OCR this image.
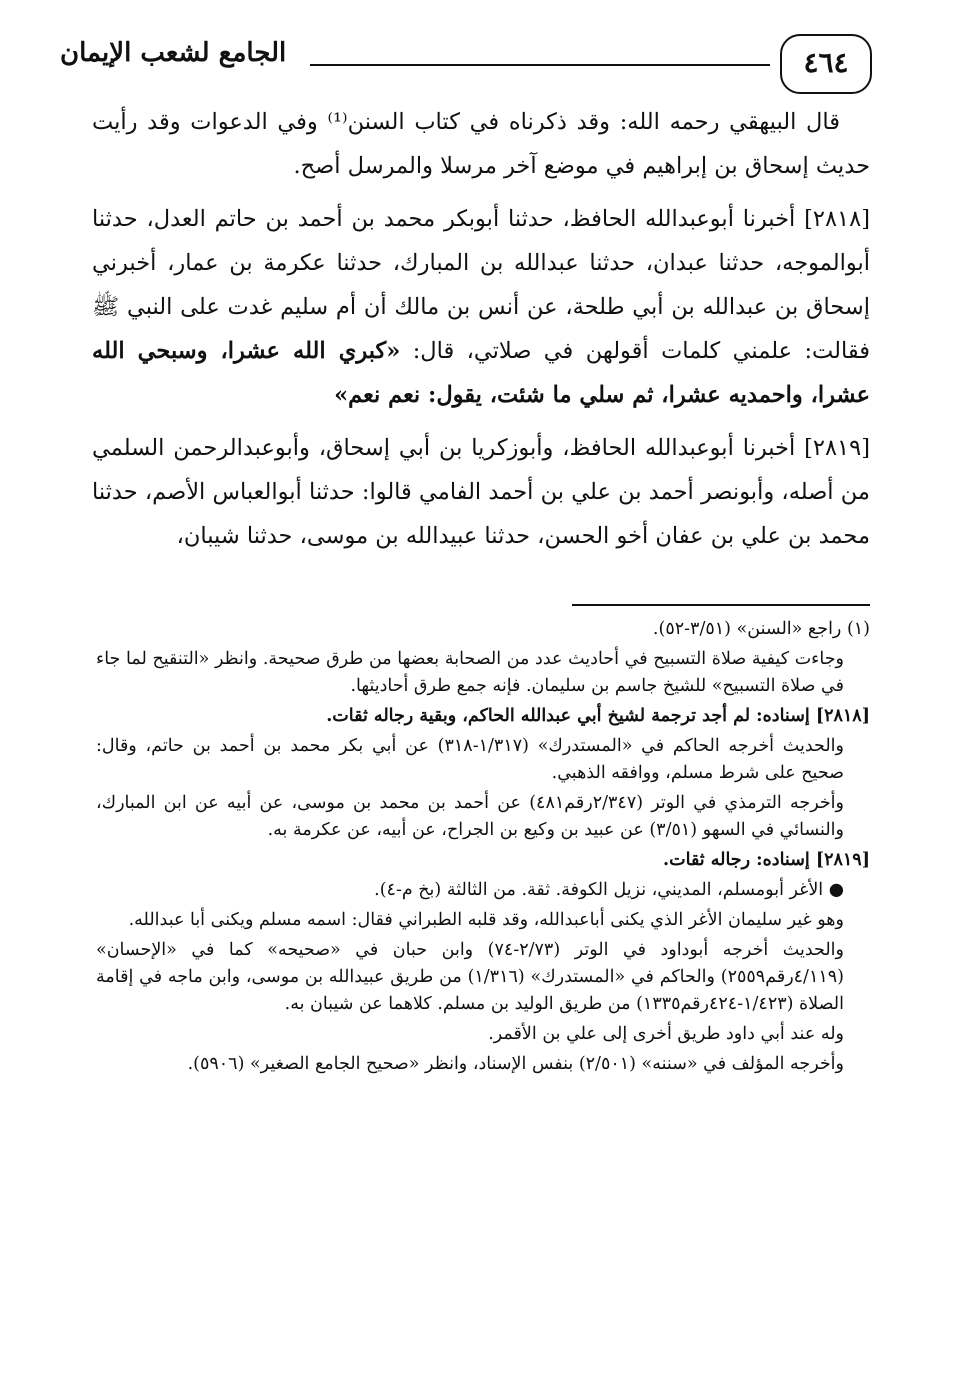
٤٦٤
الجامع لشعب الإيمان

قال البيهقي رحمه الله: وقد ذكرناه في كتاب السنن⁽¹⁾ وفي الدعوات وقد رأيت حديث إسحاق بن إبراهيم في موضع آخر مرسلا والمرسل أصح.

[٢٨١٨] أخبرنا أبوعبدالله الحافظ، حدثنا أبوبكر محمد بن أحمد بن حاتم العدل، حدثنا أبوالموجه، حدثنا عبدان، حدثنا عبدالله بن المبارك، حدثنا عكرمة بن عمار، أخبرني إسحاق بن عبدالله بن أبي طلحة، عن أنس بن مالك أن أم سليم غدت على النبي ﷺ فقالت: علمني كلمات أقولهن في صلاتي، قال: «كبري الله عشرا، وسبحي الله عشرا، واحمديه عشرا، ثم سلي ما شئت، يقول: نعم نعم»

[٢٨١٩] أخبرنا أبوعبدالله الحافظ، وأبوزكريا بن أبي إسحاق، وأبوعبدالرحمن السلمي من أصله، وأبونصر أحمد بن علي بن أحمد الفامي قالوا: حدثنا أبوالعباس الأصم، حدثنا محمد بن علي بن عفان أخو الحسن، حدثنا عبيدالله بن موسى، حدثنا شيبان،

(١) راجع «السنن» (٣/٥١-٥٢).

وجاءت كيفية صلاة التسبيح في أحاديث عدد من الصحابة بعضها من طرق صحيحة. وانظر «التنقيح لما جاء في صلاة التسبيح» للشيخ جاسم بن سليمان. فإنه جمع طرق أحاديثها.

[٢٨١٨] إسناده: لم أجد ترجمة لشيخ أبي عبدالله الحاكم، وبقية رجاله ثقات.

والحديث أخرجه الحاكم في «المستدرك» (١/٣١٧-٣١٨) عن أبي بكر محمد بن أحمد بن حاتم، وقال: صحيح على شرط مسلم، ووافقه الذهبي.

وأخرجه الترمذي في الوتر (٢/٣٤٧رقم٤٨١) عن أحمد بن محمد بن موسى، عن أبيه عن ابن المبارك، والنسائي في السهو (٣/٥١) عن عبيد بن وكيع بن الجراح، عن أبيه، عن عكرمة به.

[٢٨١٩] إسناده: رجاله ثقات.

● الأغر أبومسلم، المديني، نزيل الكوفة. ثقة. من الثالثة (بخ م-٤).

وهو غير سليمان الأغر الذي يكنى أباعبدالله، وقد قلبه الطبراني فقال: اسمه مسلم ويكنى أبا عبدالله.

والحديث أخرجه أبوداود في الوتر (٢/٧٣-٧٤) وابن حبان في «صحيحه» كما في «الإحسان» (٤/١١٩رقم٢٥٥٩) والحاكم في «المستدرك» (١/٣١٦) من طريق عبيدالله بن موسى، وابن ماجه في إقامة الصلاة (١/٤٢٣-٤٢٤رقم١٣٣٥) من طريق الوليد بن مسلم. كلاهما عن شيبان به.

وله عند أبي داود طريق أخرى إلى علي بن الأقمر.

وأخرجه المؤلف في «سننه» (٢/٥٠١) بنفس الإسناد، وانظر «صحيح الجامع الصغير» (٥٩٠٦).
